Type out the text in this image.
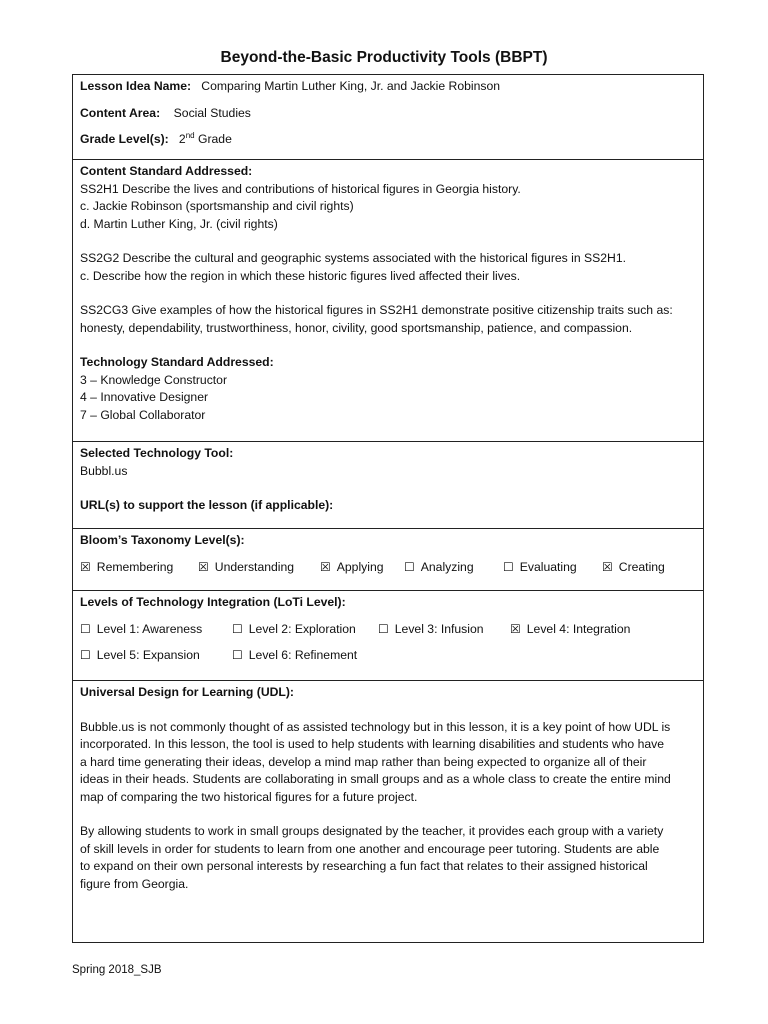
Beyond-the-Basic Productivity Tools (BBPT)
Lesson Idea Name: Comparing Martin Luther King, Jr. and Jackie Robinson
Content Area: Social Studies
Grade Level(s): 2nd Grade
Content Standard Addressed:
SS2H1 Describe the lives and contributions of historical figures in Georgia history.
c. Jackie Robinson (sportsmanship and civil rights)
d. Martin Luther King, Jr. (civil rights)
SS2G2 Describe the cultural and geographic systems associated with the historical figures in SS2H1.
c. Describe how the region in which these historic figures lived affected their lives.
SS2CG3 Give examples of how the historical figures in SS2H1 demonstrate positive citizenship traits such as:
honesty, dependability, trustworthiness, honor, civility, good sportsmanship, patience, and compassion.
Technology Standard Addressed:
3 – Knowledge Constructor
4 – Innovative Designer
7 – Global Collaborator
Selected Technology Tool:
Bubbl.us
URL(s) to support the lesson (if applicable):
Bloom’s Taxonomy Level(s):
☒ Remembering ☒ Understanding ☒ Applying ☐ Analyzing ☐ Evaluating ☒ Creating
Levels of Technology Integration (LoTi Level):
☐ Level 1: Awareness ☐ Level 2: Exploration ☐ Level 3: Infusion ☒ Level 4: Integration
☐ Level 5: Expansion	☐ Level 6: Refinement
Universal Design for Learning (UDL):
Bubble.us is not commonly thought of as assisted technology but in this lesson, it is a key point of how UDL is
incorporated. In this lesson, the tool is used to help students with learning disabilities and students who have
a hard time generating their ideas, develop a mind map rather than being expected to organize all of their
ideas in their heads. Students are collaborating in small groups and as a whole class to create the entire mind
map of comparing the two historical figures for a future project.
By allowing students to work in small groups designated by the teacher, it provides each group with a variety
of skill levels in order for students to learn from one another and encourage peer tutoring. Students are able
to expand on their own personal interests by researching a fun fact that relates to their assigned historical
figure from Georgia.
Spring 2018_SJB
